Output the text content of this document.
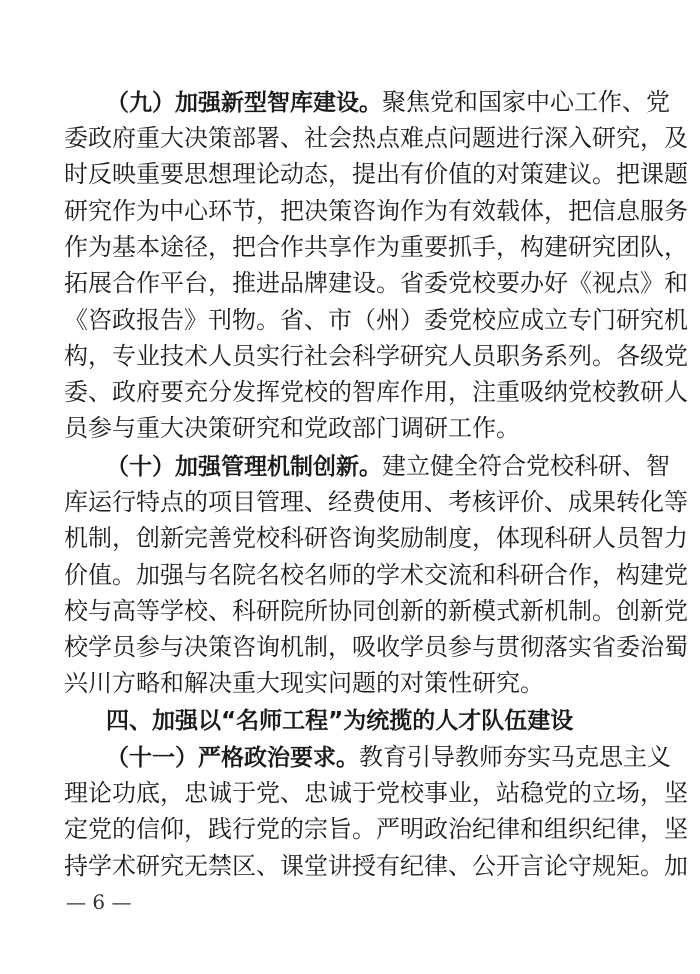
（九）加强新型智库建设。聚焦党和国家中心工作、党
委政府重大决策部署、社会热点难点问题进行深入研究，及
时反映重要思想理论动态，提出有价值的对策建议。把课题
研究作为中心环节，把决策咨询作为有效载体，把信息服务
作为基本途径，把合作共享作为重要抓手，构建研究团队，
拓展合作平台，推进品牌建设。省委党校要办好《视点》和
《咨政报告》刊物。省、市（州）委党校应成立专门研究机
构，专业技术人员实行社会科学研究人员职务系列。各级党
委、政府要充分发挥党校的智库作用，注重吸纳党校教研人
员参与重大决策研究和党政部门调研工作。
（十）加强管理机制创新。建立健全符合党校科研、智
库运行特点的项目管理、经费使用、考核评价、成果转化等
机制，创新完善党校科研咨询奖励制度，体现科研人员智力
价值。加强与名院名校名师的学术交流和科研合作，构建党
校与高等学校、科研院所协同创新的新模式新机制。创新党
校学员参与决策咨询机制，吸收学员参与贯彻落实省委治蜀
兴川方略和解决重大现实问题的对策性研究。
四、加强以“名师工程”为统揽的人才队伍建设
（十一）严格政治要求。教育引导教师夯实马克思主义
理论功底，忠诚于党、忠诚于党校事业，站稳党的立场，坚
定党的信仰，践行党的宗旨。严明政治纪律和组织纪律，坚
持学术研究无禁区、课堂讲授有纪律、公开言论守规矩。加
— 6 —
